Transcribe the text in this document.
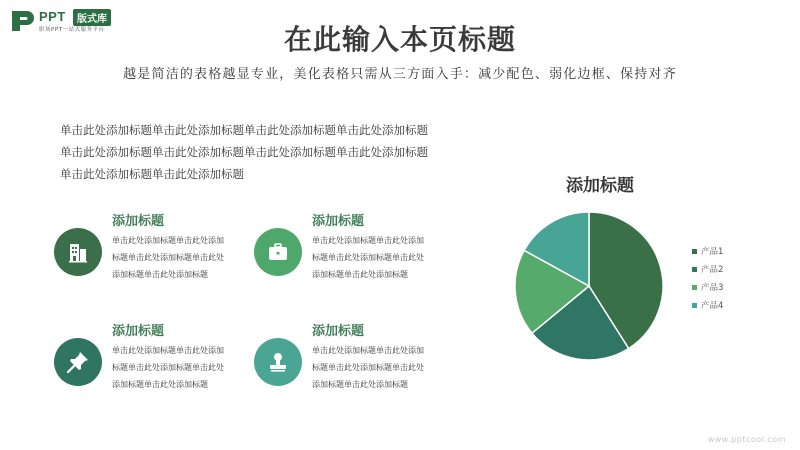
PPT	版式库
职场PPT一站式服务平台	在此输入本页标题
越是简洁的表格越显专业，美化表格只需从三方面入手：减少配色、弱化边框、保持对齐
单击此处添加标题单击此处添加标题单击此处添加标题单击此处添加标题单击此处添加标题单击此处添加标题单击此处添加标题单击此处添加标题单击此处添加标题单击此处添加标题
添加标题
单击此处添加标题单击此处添加标题单击此处添加标题单击此处添加标题单击此处添加标题
添加标题
单击此处添加标题单击此处添加标题单击此处添加标题单击此处添加标题单击此处添加标题
添加标题
单击此处添加标题单击此处添加标题单击此处添加标题单击此处添加标题单击此处添加标题
添加标题
单击此处添加标题单击此处添加标题单击此处添加标题单击此处添加标题单击此处添加标题
添加标题
产品1
产品2
产品3
产品4
www.pptcool.com
